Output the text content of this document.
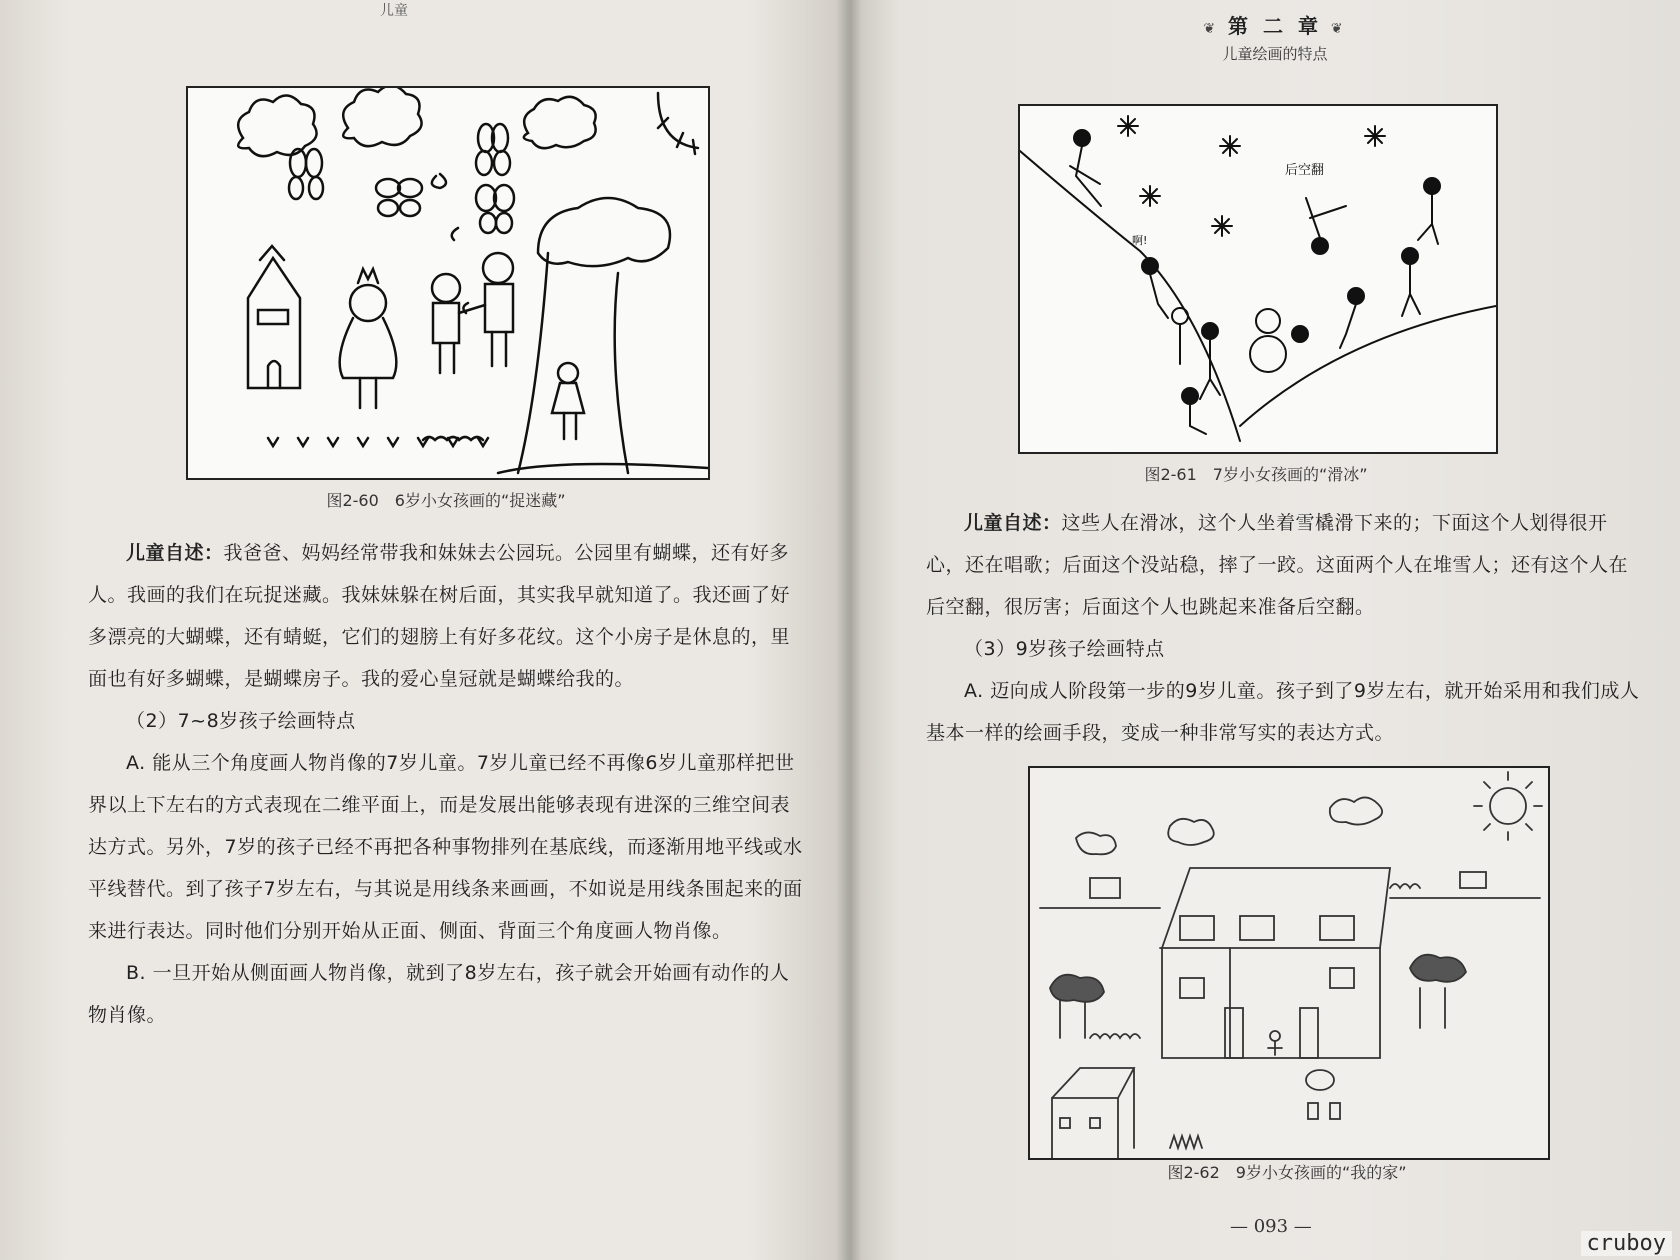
儿童
图2-60　6岁小女孩画的“捉迷藏”

儿童自述：我爸爸、妈妈经常带我和妹妹去公园玩。公园里有蝴蝶，还有好多人。我画的我们在玩捉迷藏。我妹妹躲在树后面，其实我早就知道了。我还画了好多漂亮的大蝴蝶，还有蜻蜓，它们的翅膀上有好多花纹。这个小房子是休息的，里面也有好多蝴蝶，是蝴蝶房子。我的爱心皇冠就是蝴蝶给我的。

（2）7~8岁孩子绘画特点

A. 能从三个角度画人物肖像的7岁儿童。7岁儿童已经不再像6岁儿童那样把世界以上下左右的方式表现在二维平面上，而是发展出能够表现有进深的三维空间表达方式。另外，7岁的孩子已经不再把各种事物排列在基底线，而逐渐用地平线或水平线替代。到了孩子7岁左右，与其说是用线条来画画，不如说是用线条围起来的面来进行表达。同时他们分别开始从正面、侧面、背面三个角度画人物肖像。

B. 一旦开始从侧面画人物肖像，就到了8岁左右，孩子就会开始画有动作的人物肖像。

❦ 第 二 章 ❦
儿童绘画的特点
后空翻
啊!
图2-61　7岁小女孩画的“滑冰”

儿童自述：这些人在滑冰，这个人坐着雪橇滑下来的；下面这个人划得很开心，还在唱歌；后面这个没站稳，摔了一跤。这面两个人在堆雪人；还有这个人在后空翻，很厉害；后面这个人也跳起来准备后空翻。

（3）9岁孩子绘画特点

A. 迈向成人阶段第一步的9岁儿童。孩子到了9岁左右，就开始采用和我们成人基本一样的绘画手段，变成一种非常写实的表达方式。

图2-62　9岁小女孩画的“我的家”
— 093 —
cruboy
